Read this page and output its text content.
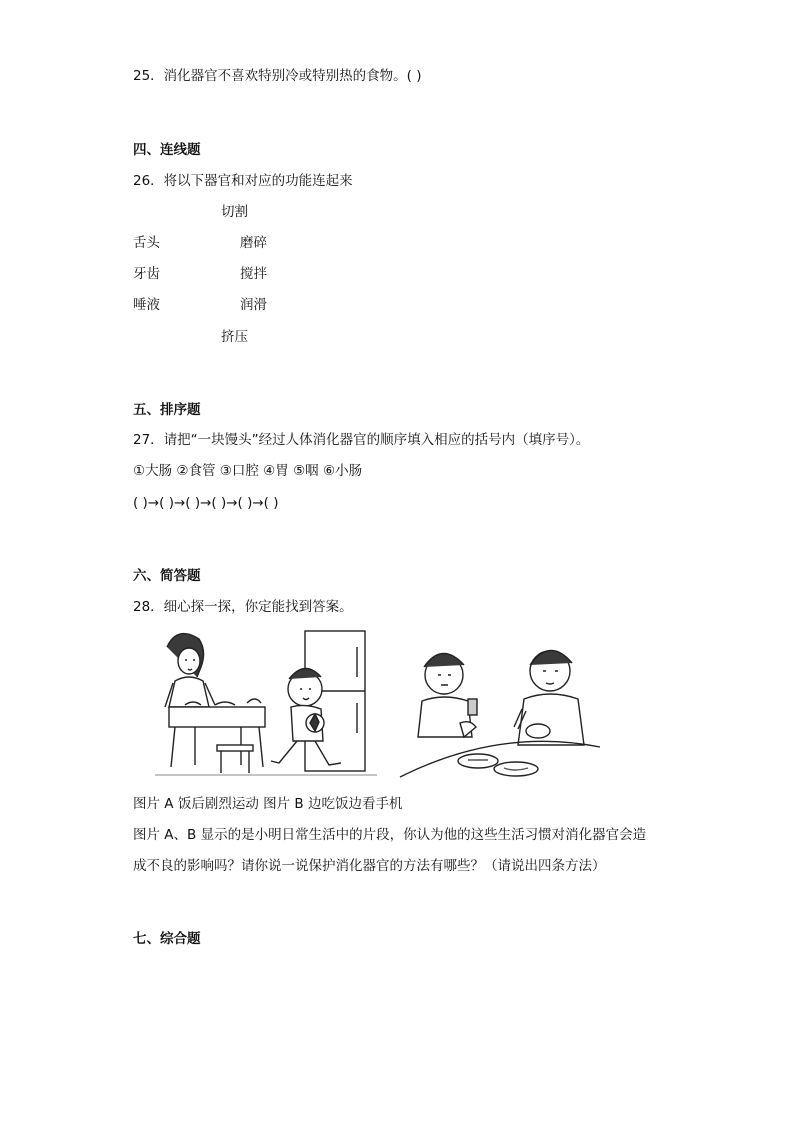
25．消化器官不喜欢特别冷或特别热的食物。( )
四、连线题
26．将以下器官和对应的功能连起来
切割
舌头	磨碎
牙齿	搅拌
唾液	润滑
挤压
五、排序题
27．请把“一块馒头”经过人体消化器官的顺序填入相应的括号内（填序号）。
①大肠 ②食管 ③口腔 ④胃 ⑤咽 ⑥小肠
( )→( )→( )→( )→( )→( )
六、简答题
28．细心探一探，你定能找到答案。
图片 A 饭后剧烈运动 图片 B 边吃饭边看手机
图片 A、B 显示的是小明日常生活中的片段，你认为他的这些生活习惯对消化器官会造
成不良的影响吗？请你说一说保护消化器官的方法有哪些？（请说出四条方法）
七、综合题
